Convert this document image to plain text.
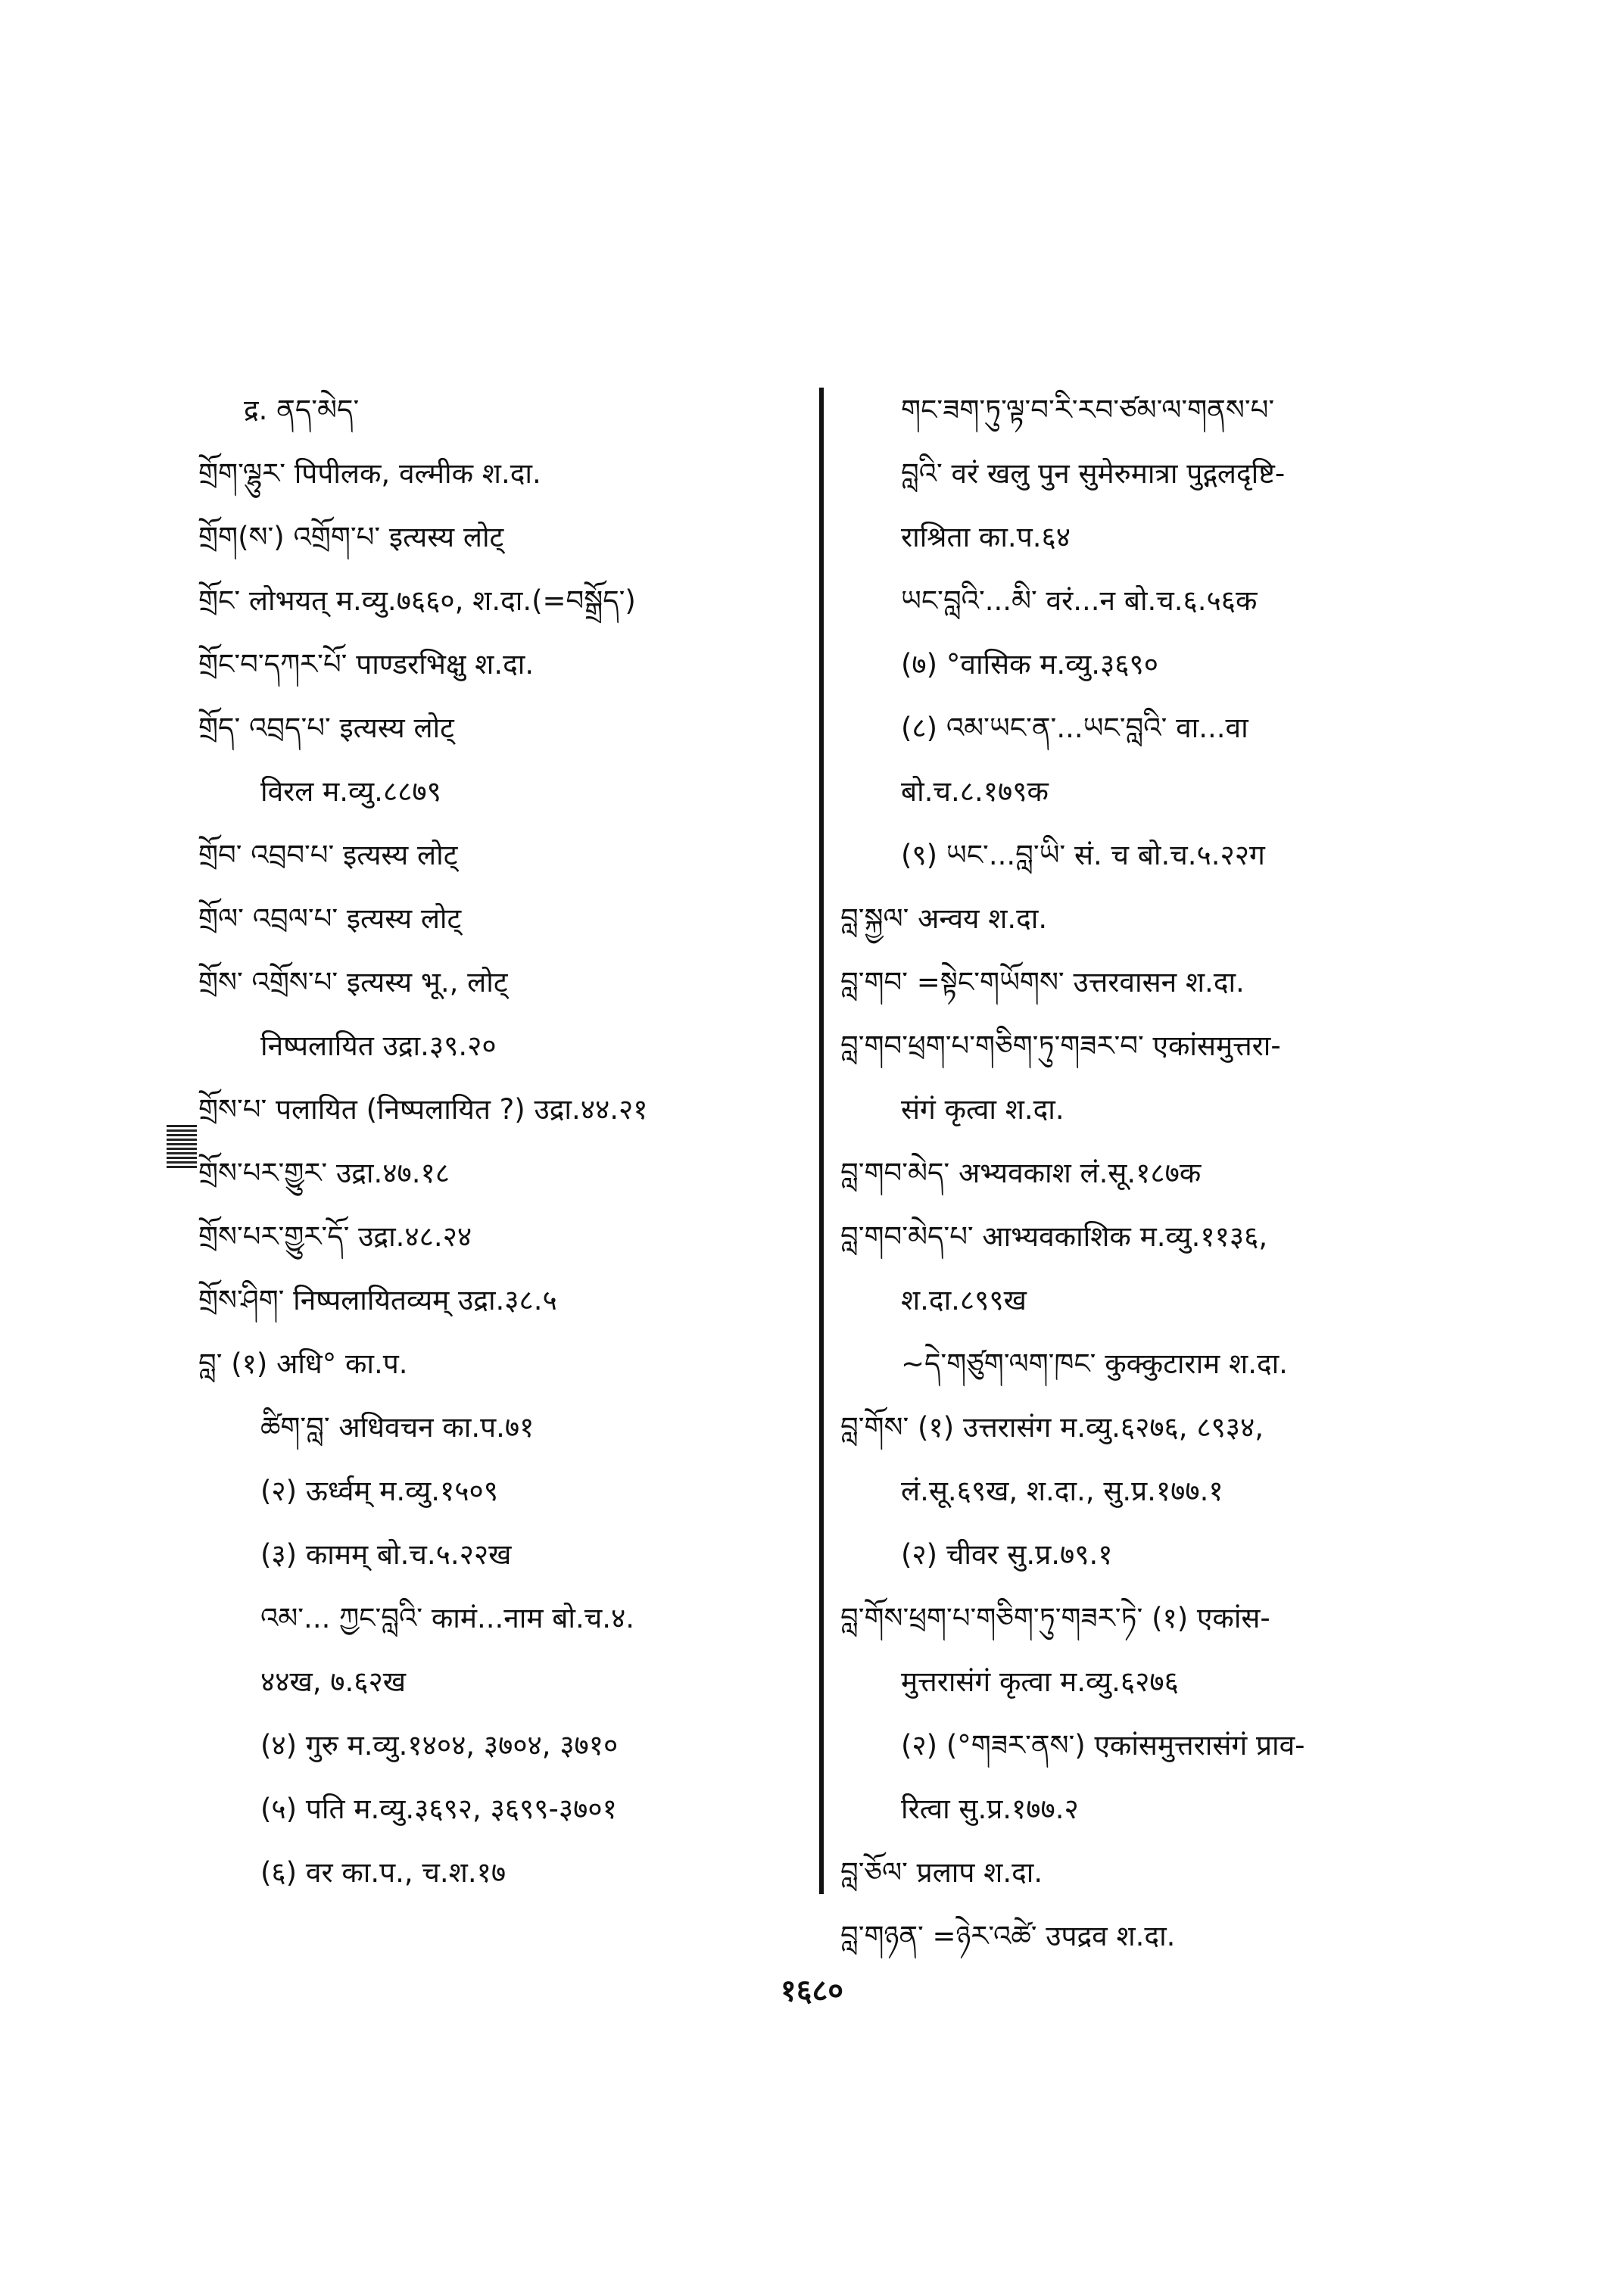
द्र. ནད་མེད་
གྲོག་ལྷུར་ पिपीलक, वल्मीक श.दा.
གྲོག(ས་) འགྲོག་པ་ इत्यस्य लोट्
གྲོང་ लोभयत् म.व्यु.७६६०, श.दा.(=བསྒྲོད་)
གྲོང་བ་དཀར་པོ་ पाण्डरभिक्षु श.दा.
གྲོད་ འབྲད་པ་ इत्यस्य लोट्
विरल म.व्यु.८८७९
གྲོབ་ འབྲབ་པ་ इत्यस्य लोट्
གྲོལ་ འབྲལ་པ་ इत्यस्य लोट्
གྲོས་ འགྲོས་པ་ इत्यस्य भू., लोट्
निष्पलायित उद्रा.३९.२०
གྲོས་པ་ पलायित (निष्पलायित ?) उद्रा.४४.२१
གྲོས་པར་གྱུར་ उद्रा.४७.१८
གྲོས་པར་གྱུར་དོ་ उद्रा.४८.२४
གྲོས་ཤིག་ निष्पलायितव्यम् उद्रा.३८.५
བླ་ (१) अधि° का.प.
ཚིག་བླ་ अधिवचन का.प.७१
(२) ऊर्ध्वम् म.व्यु.१५०९
(३) कामम् बो.च.५.२२ख
འམ་... ཀྱང་བླའི་ कामं...नाम बो.च.४.
४४ख, ७.६२ख
(४) गुरु म.व्यु.१४०४, ३७०४, ३७१०
(५) पति म.व्यु.३६९२, ३६९९-३७०१
(६) वर का.प., च.श.१७
གང་ཟག་ཏུ་ལྟ་བ་རི་རབ་ཙམ་ལ་གནས་པ་
བླའི་ वरं खलु पुन सुमेरुमात्रा पुद्गलदृष्टि-
राश्रिता का.प.६४
ཡང་བླའི་...མི་ वरं...न बो.च.६.५६क
(७) °वासिक म.व्यु.३६९०
(८) འམ་ཡང་ན་...ཡང་བླའི་ वा...वा
बो.च.८.१७९क
(९) ཡང་...བླ་ཡི་ सं. च बो.च.५.२२ग
བླ་སྐྱལ་ अन्वय श.दा.
བླ་གབ་ =སྟེང་གཡོགས་ उत्तरवासन श.दा.
བླ་གབ་ཕྲག་པ་གཅིག་ཏུ་གཟར་བ་ एकांसमुत्तरा-
संगं कृत्वा श.दा.
བླ་གབ་མེད་ अभ्यवकाश लं.सू.१८७क
བླ་གབ་མེད་པ་ आभ्यवकाशिक म.व्यु.११३६,
श.दा.८९९ख
~དེ་གཙུག་ལག་ཁང་ कुक्कुटाराम श.दा.
བླ་གོས་ (१) उत्तरासंग म.व्यु.६२७६, ८९३४,
लं.सू.६९ख, श.दा., सु.प्र.१७७.१
(२) चीवर सु.प्र.७९.१
བླ་གོས་ཕྲག་པ་གཅིག་ཏུ་གཟར་ཏེ་ (१) एकांस-
मुत्तरासंगं कृत्वा म.व्यु.६२७६
(२) (°གཟར་ནས་) एकांसमुत्तरासंगं प्राव-
रित्वा सु.प्र.१७७.२
བླ་ཅོལ་ प्रलाप श.दा.
བླ་གཉན་ =ཉེར་འཚེ་ उपद्रव श.दा.
१६८०
